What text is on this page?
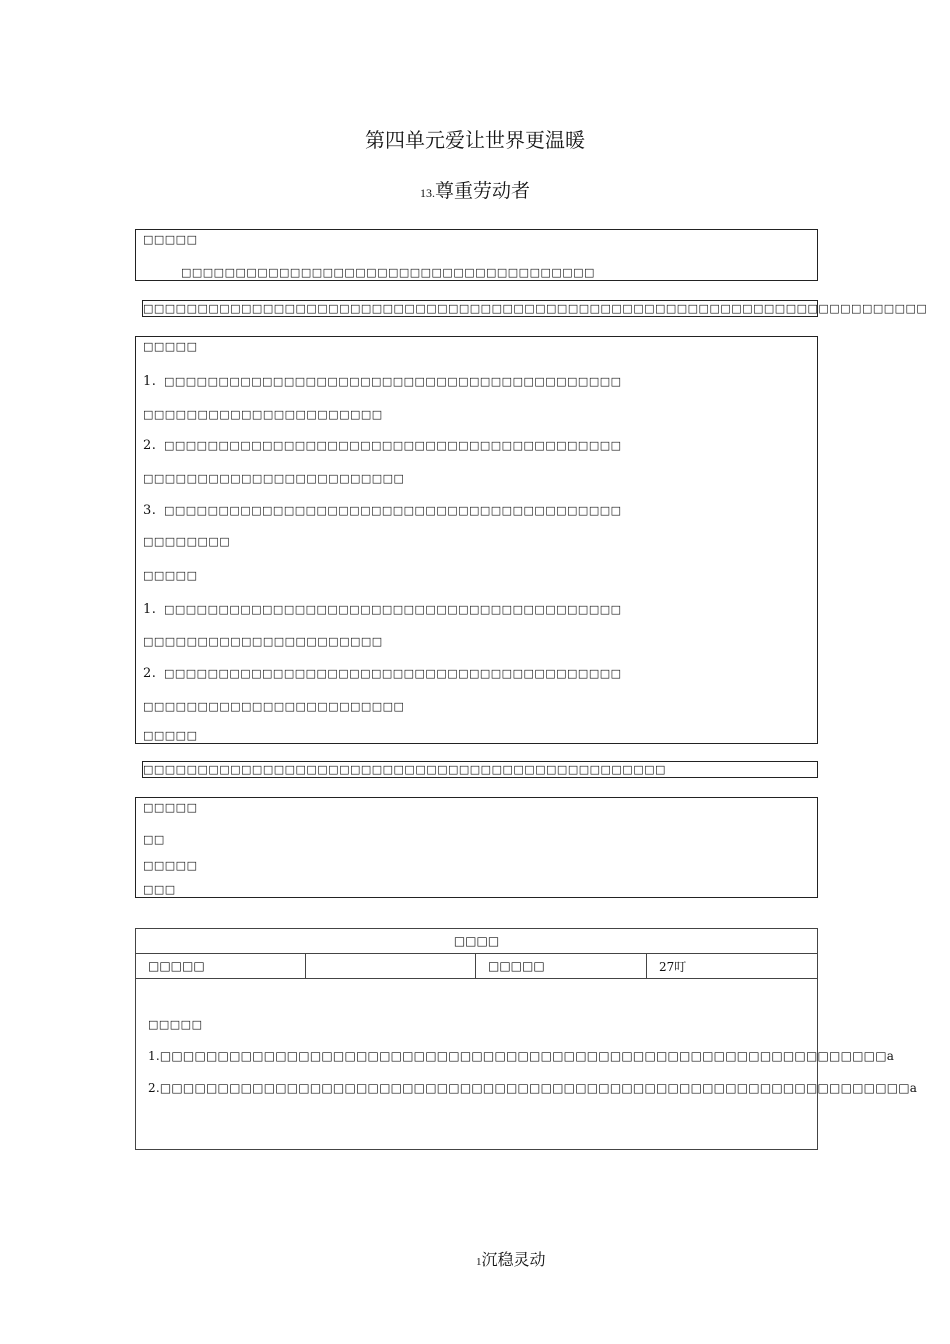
第四单元爱让世界更温暖
13.尊重劳动者
□□□□□
□□□□□□□□□□□□□□□□□□□□□□□□□□□□□□□□□□□□□□
□□□□□□□□□□□□□□□□□□□□□□□□□□□□□□□□□□□□□□□□□□□□□□□□□□□□□□□□□□□□□□□□□□□□□□□□
□□□□□
1. □□□□□□□□□□□□□□□□□□□□□□□□□□□□□□□□□□□□□□□□□□
□□□□□□□□□□□□□□□□□□□□□□
2. □□□□□□□□□□□□□□□□□□□□□□□□□□□□□□□□□□□□□□□□□□
□□□□□□□□□□□□□□□□□□□□□□□□
3. □□□□□□□□□□□□□□□□□□□□□□□□□□□□□□□□□□□□□□□□□□
□□□□□□□□
□□□□□
1. □□□□□□□□□□□□□□□□□□□□□□□□□□□□□□□□□□□□□□□□□□
□□□□□□□□□□□□□□□□□□□□□□
2. □□□□□□□□□□□□□□□□□□□□□□□□□□□□□□□□□□□□□□□□□□
□□□□□□□□□□□□□□□□□□□□□□□□
□□□□□
□□□□□□□□□□□□□□□□□□□□□□□□□□□□□□□□□□□□□□□□□□□□□□□□
□□□□□
□□
□□□□□
□□□
□□□□
□□□□□		□□□□□	27叮

□□□□□
1.□□□□□□□□□□□□□□□□□□□□□□□□□□□□□□□□□□□□□□□□□□□□□□□□□□□□□□□□□□□□□□□a
2.□□□□□□□□□□□□□□□□□□□□□□□□□□□□□□□□□□□□□□□□□□□□□□□□□□□□□□□□□□□□□□□□□a
1沉稳灵动
